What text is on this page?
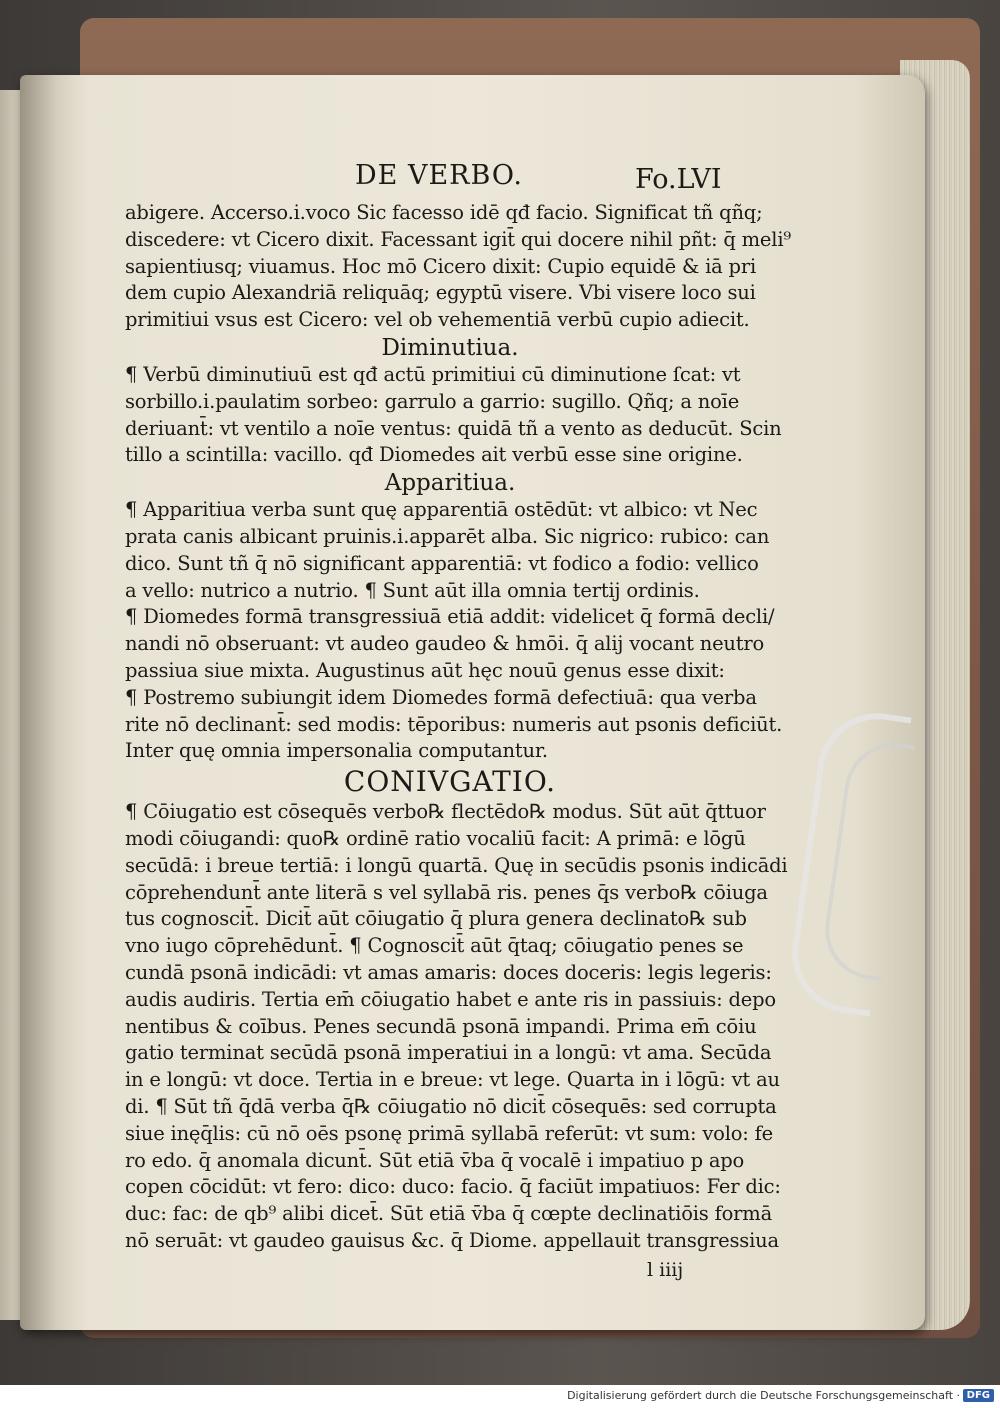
DE VERBO.	Fo.LVI
abigere. Accerso.i.voco Sic facesso idē qđ facio. Significat tñ qñq;
discedere: vt Cicero dixit. Facessant igit̄ qui docere nihil pñt: q̄ meli⁹
sapientiusq; viuamus. Hoc mō Cicero dixit: Cupio equidē & iā pri
dem cupio Alexandriā reliquāq; egyptū visere. Vbi visere loco sui
primitiui vsus est Cicero: vel ob vehementiā verbū cupio adiecit.
Diminutiua.
¶ Verbū diminutiuū est qđ actū primitiui cū diminutione ſcat: vt
sorbillo.i.paulatim sorbeo: garrulo a garrio: sugillo. Qñq; a noīe
deriuant̄: vt ventilo a noīe ventus: quidā tñ a vento as deducūt. Scin
tillo a scintilla: vacillo. qđ Diomedes ait verbū esse sine origine.
Apparitiua.
¶ Apparitiua verba sunt quę apparentiā ostēdūt: vt albico: vt Nec
prata canis albicant pruinis.i.apparēt alba. Sic nigrico: rubico: can
dico. Sunt tñ q̄ nō significant apparentiā: vt fodico a fodio: vellico
a vello: nutrico a nutrio. ¶ Sunt aūt illa omnia tertij ordinis.
¶ Diomedes formā transgressiuā etiā addit: videlicet q̄ formā decli/
nandi nō obseruant: vt audeo gaudeo & hmōi. q̄ alij vocant neutro
passiua siue mixta. Augustinus aūt hęc nouū genus esse dixit:
¶ Postremo subiungit idem Diomedes formā defectiuā: qua verba
rite nō declinant̄: sed modis: tēporibus: numeris aut psonis deficiūt.
Inter quę omnia impersonalia computantur.
CONIVGATIO.
¶ Cōiugatio est cōsequēs verbo℞ flectēdo℞ modus. Sūt aūt q̄ttuor
modi cōiugandi: quo℞ ordinē ratio vocaliū facit: A primā: e lōgū
secūdā: i breue tertiā: i longū quartā. Quę in secūdis psonis indicādi
cōprehendunt̄ ante literā s vel syllabā ris. penes q̄s verbo℞ cōiuga
tus cognoscit̄. Dicit̄ aūt cōiugatio q̄ plura genera declinato℞ sub
vno iugo cōprehēdunt̄. ¶ Cognoscit̄ aūt q̄taq; cōiugatio penes se
cundā psonā indicādi: vt amas amaris: doces doceris: legis legeris:
audis audiris. Tertia em̄ cōiugatio habet e ante ris in passiuis: depo
nentibus & coībus. Penes secundā psonā impandi. Prima em̄ cōiu
gatio terminat secūdā psonā imperatiui in a longū: vt ama. Secūda
in e longū: vt doce. Tertia in e breue: vt lege. Quarta in i lōgū: vt au
di. ¶ Sūt tñ q̄dā verba q̄℞ cōiugatio nō dicit̄ cōsequēs: sed corrupta
siue inęq̄lis: cū nō oēs psonę primā syllabā referūt: vt sum: volo: fe
ro edo. q̄ anomala dicunt̄. Sūt etiā v̄ba q̄ vocalē i impatiuo p apo
copen cōcidūt: vt fero: dico: duco: facio. q̄ faciūt impatiuos: Fer dic:
duc: fac: de qb⁹ alibi dicet̄. Sūt etiā v̄ba q̄ cœpte declinatiōis formā
nō seruāt: vt gaudeo gauisus &c. q̄ Diome. appellauit transgressiua
l iiij
Digitalisierung gefördert durch die Deutsche Forschungsgemeinschaft · DFG
